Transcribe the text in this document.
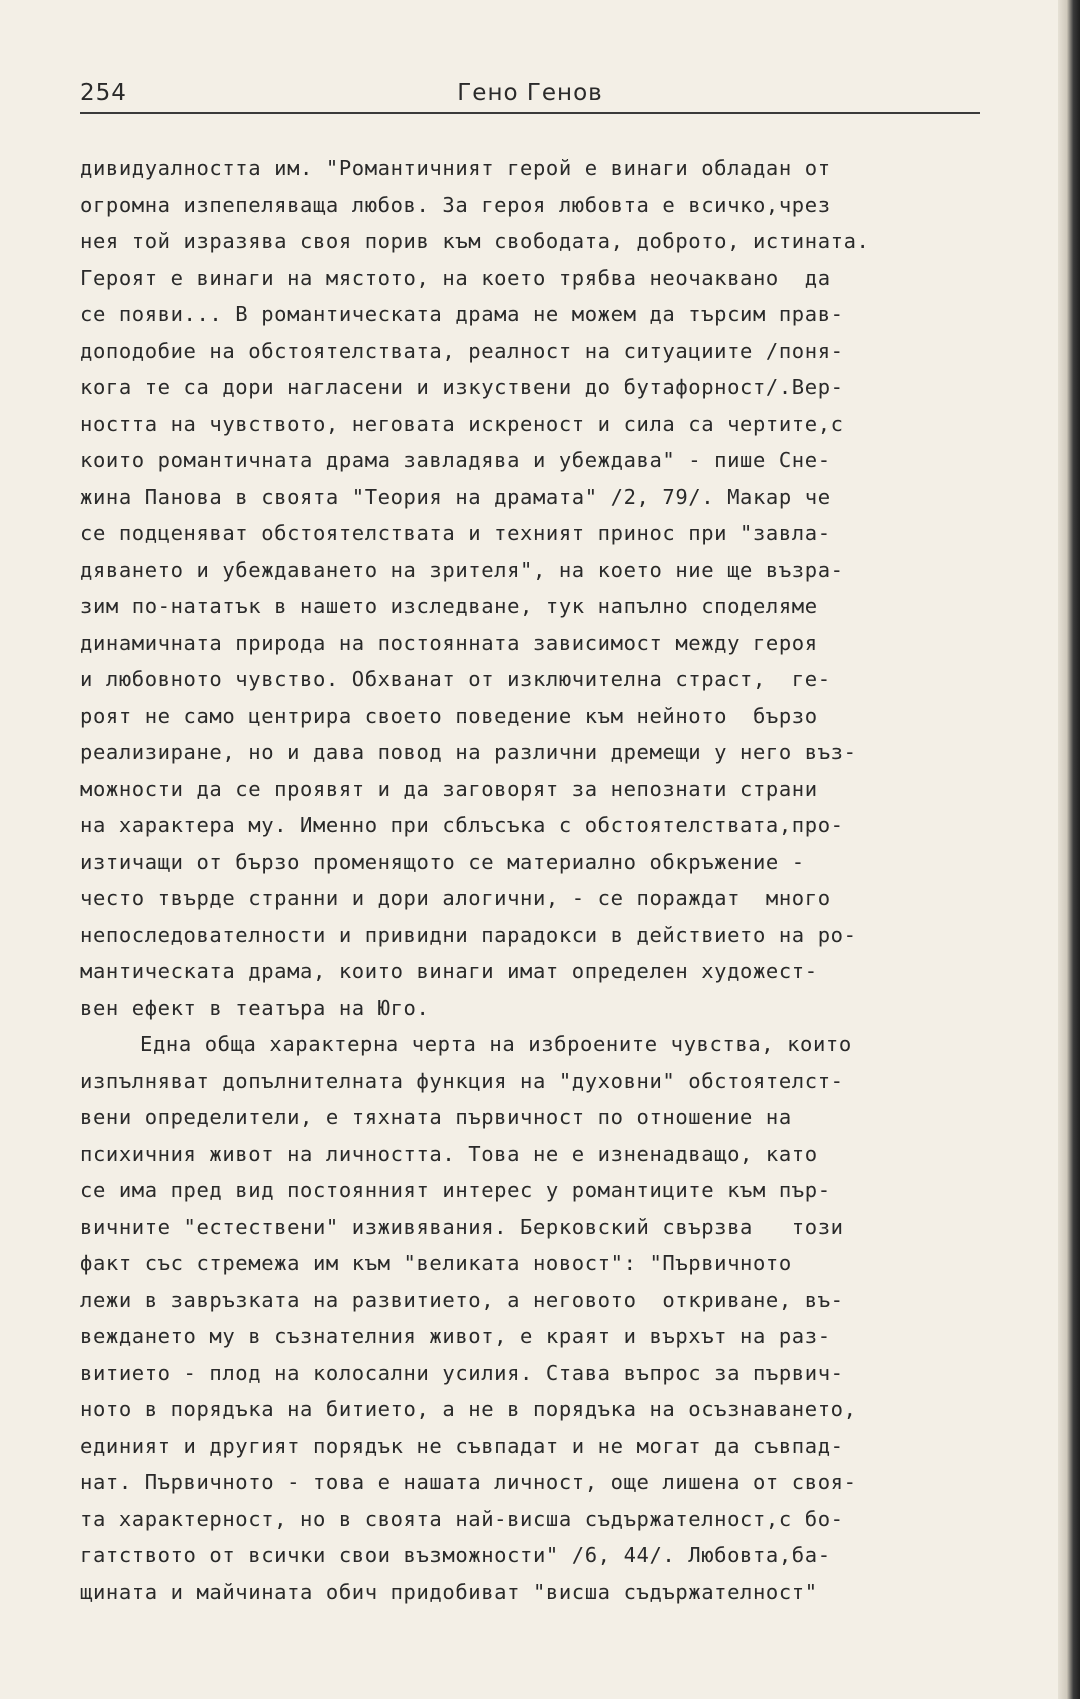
254	Гено Генов
дивидуалността им. "Романтичният герой е винаги обладан от
огромна изпепеляваща любов. За героя любовта е всичко,чрез
нея той изразява своя порив към свободата, доброто, истината.
Героят е винаги на мястото, на което трябва неочаквано  да
се появи... В романтическата драма не можем да търсим прав-
доподобие на обстоятелствата, реалност на ситуациите /поня-
кога те са дори нагласени и изкуствени до бутафорност/.Вер-
ността на чувството, неговата искреност и сила са чертите,с
които романтичната драма завладява и убеждава" - пише Сне-
жина Панова в своята "Теория на драмата" /2, 79/. Макар че
се подценяват обстоятелствата и техният принос при "завла-
дяването и убеждаването на зрителя", на което ние ще възра-
зим по-нататък в нашето изследване, тук напълно споделяме
динамичната природа на постоянната зависимост между героя
и любовното чувство. Обхванат от изключителна страст,  ге-
роят не само центрира своето поведение към нейното  бързо
реализиране, но и дава повод на различни дремещи у него въз-
можности да се проявят и да заговорят за непознати страни
на характера му. Именно при сблъсъка с обстоятелствата,про-
изтичащи от бързо променящото се материално обкръжение -
често твърде странни и дори алогични, - се пораждат  много
непоследователности и привидни парадокси в действието на ро-
мантическата драма, които винаги имат определен художест-
вен ефект в театъра на Юго.
Една обща характерна черта на изброените чувства, които
изпълняват допълнителната функция на "духовни" обстоятелст-
вени определители, е тяхната първичност по отношение на
психичния живот на личността. Това не е изненадващо, като
се има пред вид постоянният интерес у романтиците към пър-
вичните "естествени" изживявания. Берковский свързва   този
факт със стремежа им към "великата новост": "Първичното
лежи в завръзката на развитието, а неговото  откриване, въ-
веждането му в съзнателния живот, е краят и върхът на раз-
витието - плод на колосални усилия. Става въпрос за първич-
ното в порядъка на битието, а не в порядъка на осъзнаването,
единият и другият порядък не съвпадат и не могат да съвпад-
нат. Първичното - това е нашата личност, още лишена от своя-
та характерност, но в своята най-висша съдържателност,с бо-
гатството от всички свои възможности" /6, 44/. Любовта,ба-
щината и майчината обич придобиват "висша съдържателност"
